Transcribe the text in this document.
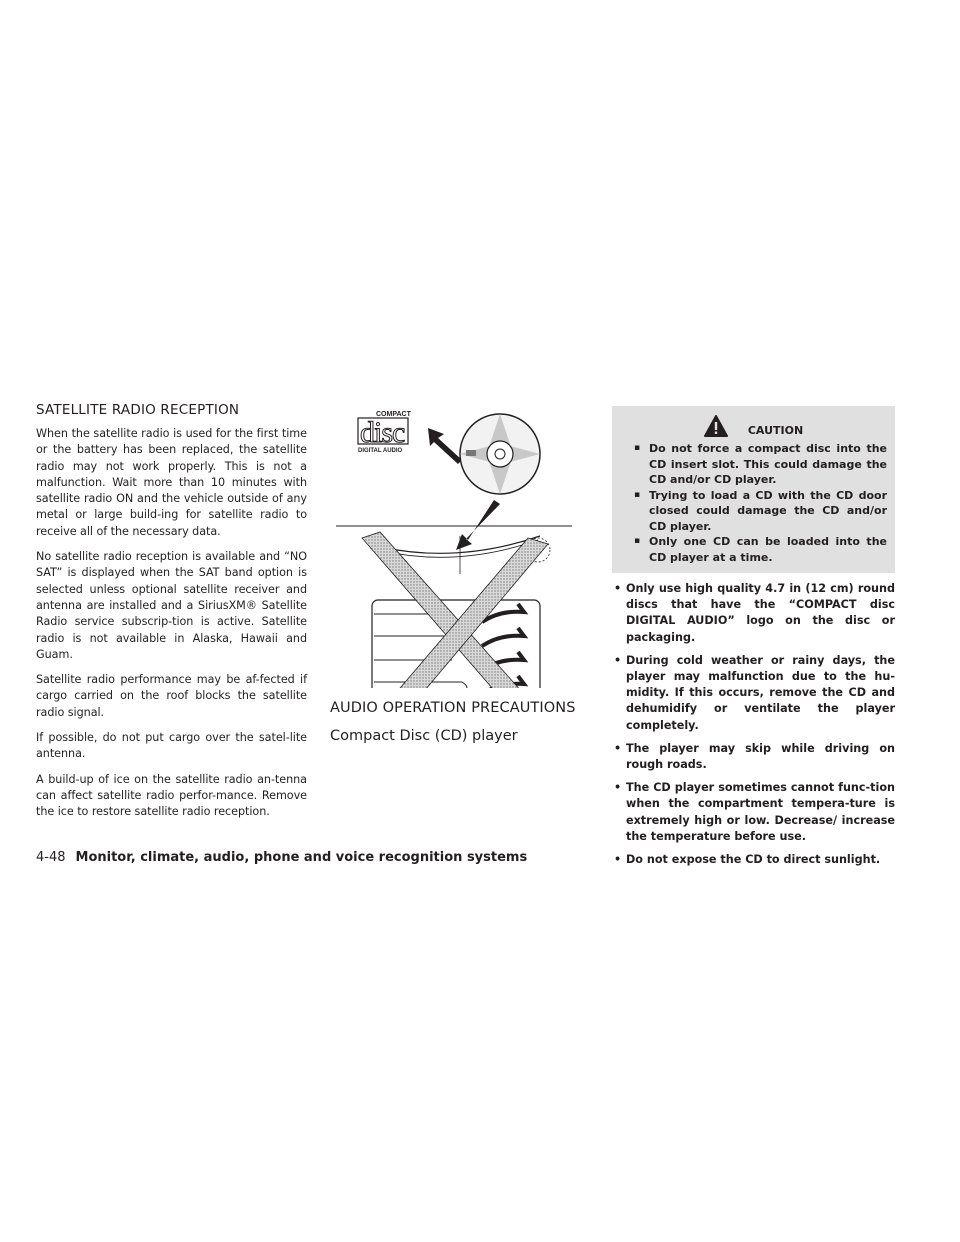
SATELLITE RADIO RECEPTION

When the satellite radio is used for the first time or the battery has been replaced, the satellite radio may not work properly. This is not a malfunction. Wait more than 10 minutes with satellite radio ON and the vehicle outside of any metal or large build-ing for satellite radio to receive all of the necessary data.

No satellite radio reception is available and “NO SAT” is displayed when the SAT band option is selected unless optional satellite receiver and antenna are installed and a SiriusXM® Satellite Radio service subscrip-tion is active. Satellite radio is not available in Alaska, Hawaii and Guam.

Satellite radio performance may be af-fected if cargo carried on the roof blocks the satellite radio signal.

If possible, do not put cargo over the satel-lite antenna.

A build-up of ice on the satellite radio an-tenna can affect satellite radio perfor-mance. Remove the ice to restore satellite radio reception.

COMPACT
disc
DIGITAL AUDIO
AUDIO OPERATION PRECAUTIONS
Compact Disc (CD) player
CAUTION
▪ Do not force a compact disc into the CD insert slot. This could damage the CD and/or CD player.
▪ Trying to load a CD with the CD door closed could damage the CD and/or CD player.
▪ Only one CD can be loaded into the CD player at a time.
• Only use high quality 4.7 in (12 cm) round discs that have the “COMPACT disc DIGITAL AUDIO” logo on the disc or packaging.
• During cold weather or rainy days, the player may malfunction due to the hu-midity. If this occurs, remove the CD and dehumidify or ventilate the player completely.
• The player may skip while driving on rough roads.
• The CD player sometimes cannot func-tion when the compartment tempera-ture is extremely high or low. Decrease/ increase the temperature before use.
• Do not expose the CD to direct sunlight.
4-48 Monitor, climate, audio, phone and voice recognition systems
